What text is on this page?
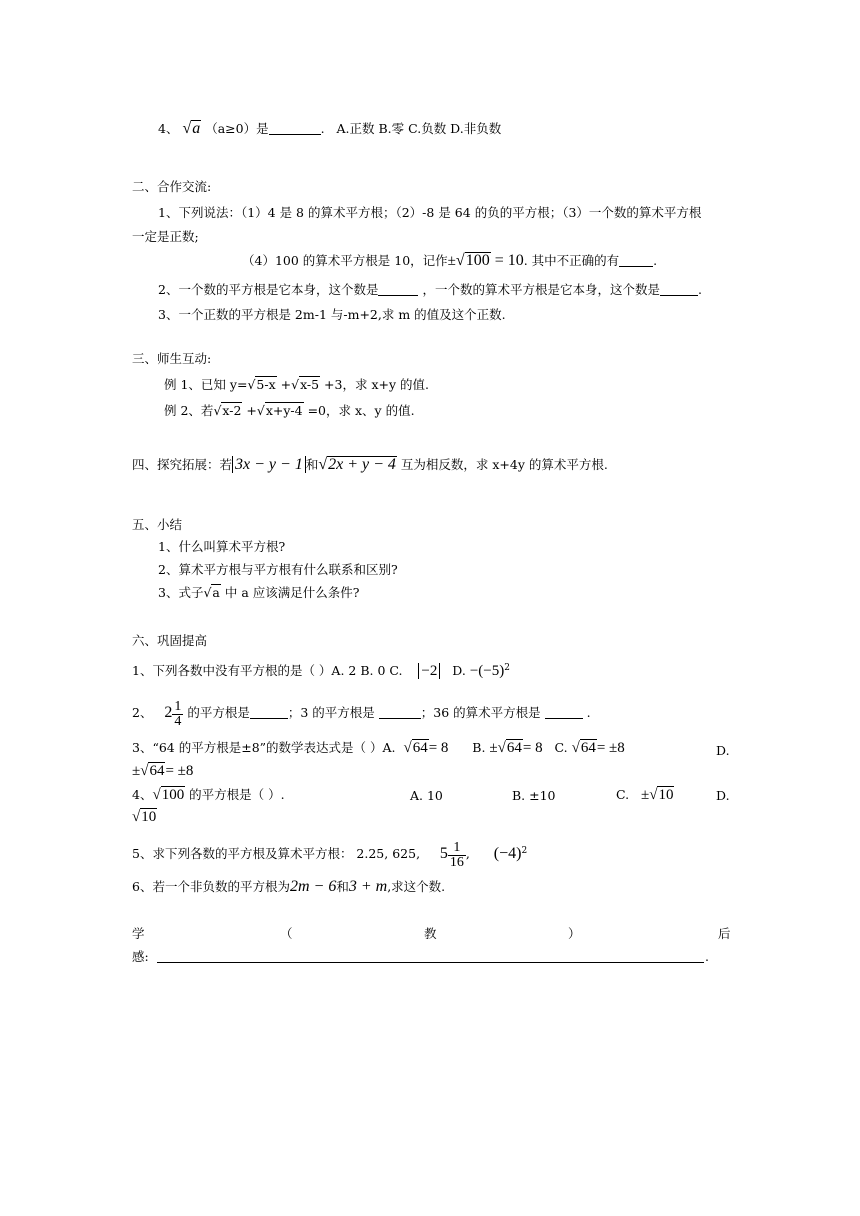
4、 √a （a≥0）是	. A.正数 B.零 C.负数 D.非负数
二、合作交流:
1、下列说法：（1）4 是 8 的算术平方根；（2）-8 是 64 的负的平方根；（3）一个数的算术平方根
一定是正数;
（4）100 的算术平方根是 10，记作±√100 = 10. 其中不正确的有	.
2、一个数的平方根是它本身，这个数是	，一个数的算术平方根是它本身，这个数是	.
3、一个正数的平方根是 2m-1 与-m+2,求 m 的值及这个正数.
三、师生互动:
例 1、已知 y=√5-x +√x-5 +3，求 x+y 的值.
例 2、若√x-2 +√x+y-4 =0，求 x、y 的值.
四、探究拓展：若 3x − y − 1 和√2x + y − 4 互为相反数，求 x+4y 的算术平方根.
五、小结
1、什么叫算术平方根?
2、算术平方根与平方根有什么联系和区别?
3、式子√a 中 a 应该满足什么条件?
六、巩固提高
1、下列各数中没有平方根的是（ ）A. 2 B. 0 C. −2 D. $-(-5)^2$
2、 $2 \frac{1}{4}$ 的平方根是	；3 的平方根是	；36 的算术平方根是	.
3、“64 的平方根是±8”的数学表达式是（ ）A. √64= 8 B. ±√64= 8 C. √64= ±8	D.
±√64= ±8
4、√100 的平方根是（ ）.	A. 10	B. ±10	C. ±√10	D.
√10
5、求下列各数的平方根及算术平方根： 2.25, 625, $5 \frac{1}{16}$ , $(-4)^2$
6、若一个非负数的平方根为2m − 6和3 + m,求这个数.
学	（	教	）	后
感:	.
